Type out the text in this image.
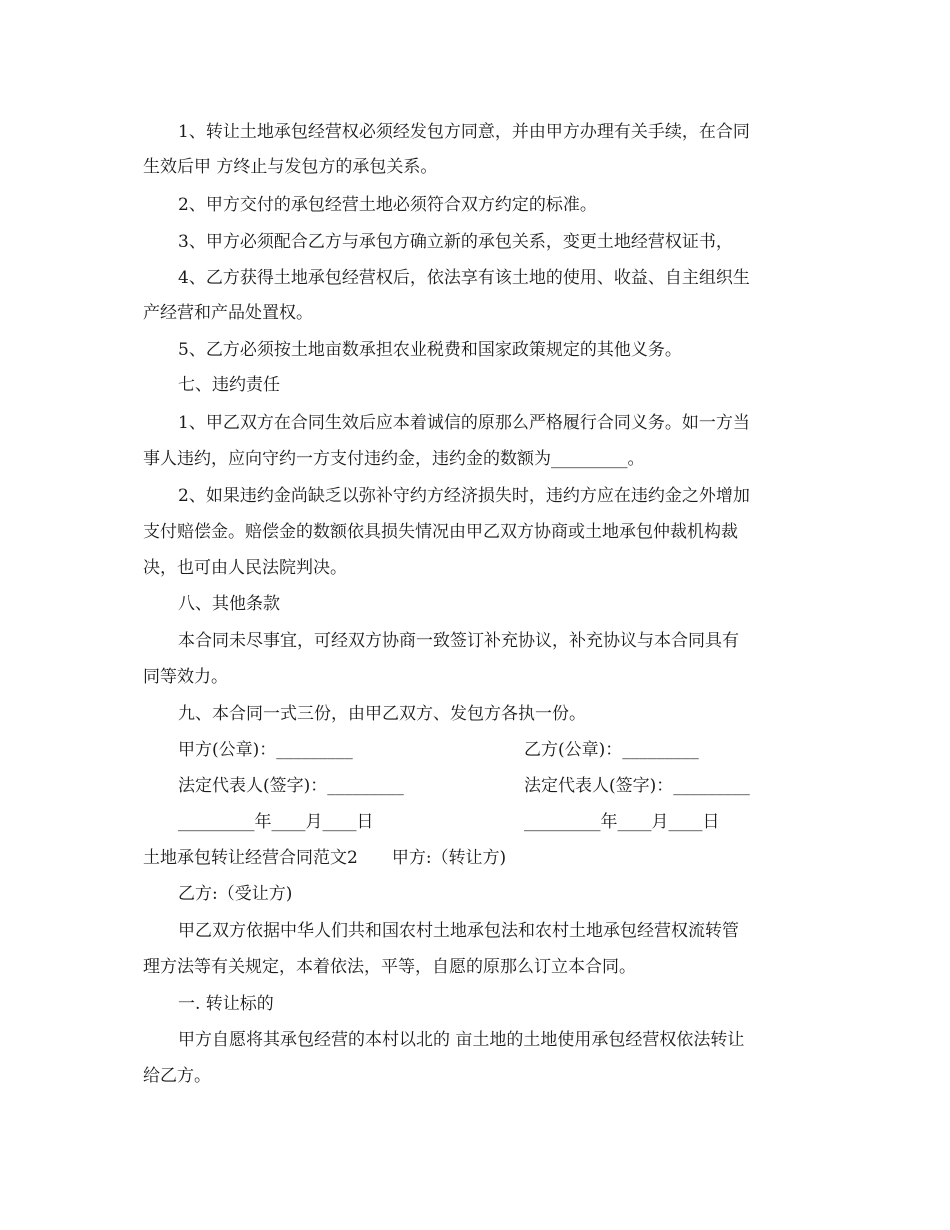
1、转让土地承包经营权必须经发包方同意，并由甲方办理有关手续，在合同
生效后甲 方终止与发包方的承包关系。
2、甲方交付的承包经营土地必须符合双方约定的标准。
3、甲方必须配合乙方与承包方确立新的承包关系，变更土地经营权证书，
4、乙方获得土地承包经营权后，依法享有该土地的使用、收益、自主组织生
产经营和产品处置权。
5、乙方必须按土地亩数承担农业税费和国家政策规定的其他义务。
七、违约责任
1、甲乙双方在合同生效后应本着诚信的原那么严格履行合同义务。如一方当
事人违约，应向守约一方支付违约金，违约金的数额为_________。
2、如果违约金尚缺乏以弥补守约方经济损失时，违约方应在违约金之外增加
支付赔偿金。赔偿金的数额依具损失情况由甲乙双方协商或土地承包仲裁机构裁
决，也可由人民法院判决。
八、其他条款
本合同未尽事宜，可经双方协商一致签订补充协议，补充协议与本合同具有
同等效力。
九、本合同一式三份，由甲乙双方、发包方各执一份。
甲方(公章)：_________	乙方(公章)：_________
法定代表人(签字)：_________	法定代表人(签字)：_________
_________年____月____日	_________年____月____日
土地承包转让经营合同范文2　　甲方:（转让方)
乙方:（受让方)
甲乙双方依据中华人们共和国农村土地承包法和农村土地承包经营权流转管
理方法等有关规定，本着依法，平等，自愿的原那么订立本合同。
一. 转让标的
甲方自愿将其承包经营的本村以北的 亩土地的土地使用承包经营权依法转让
给乙方。
